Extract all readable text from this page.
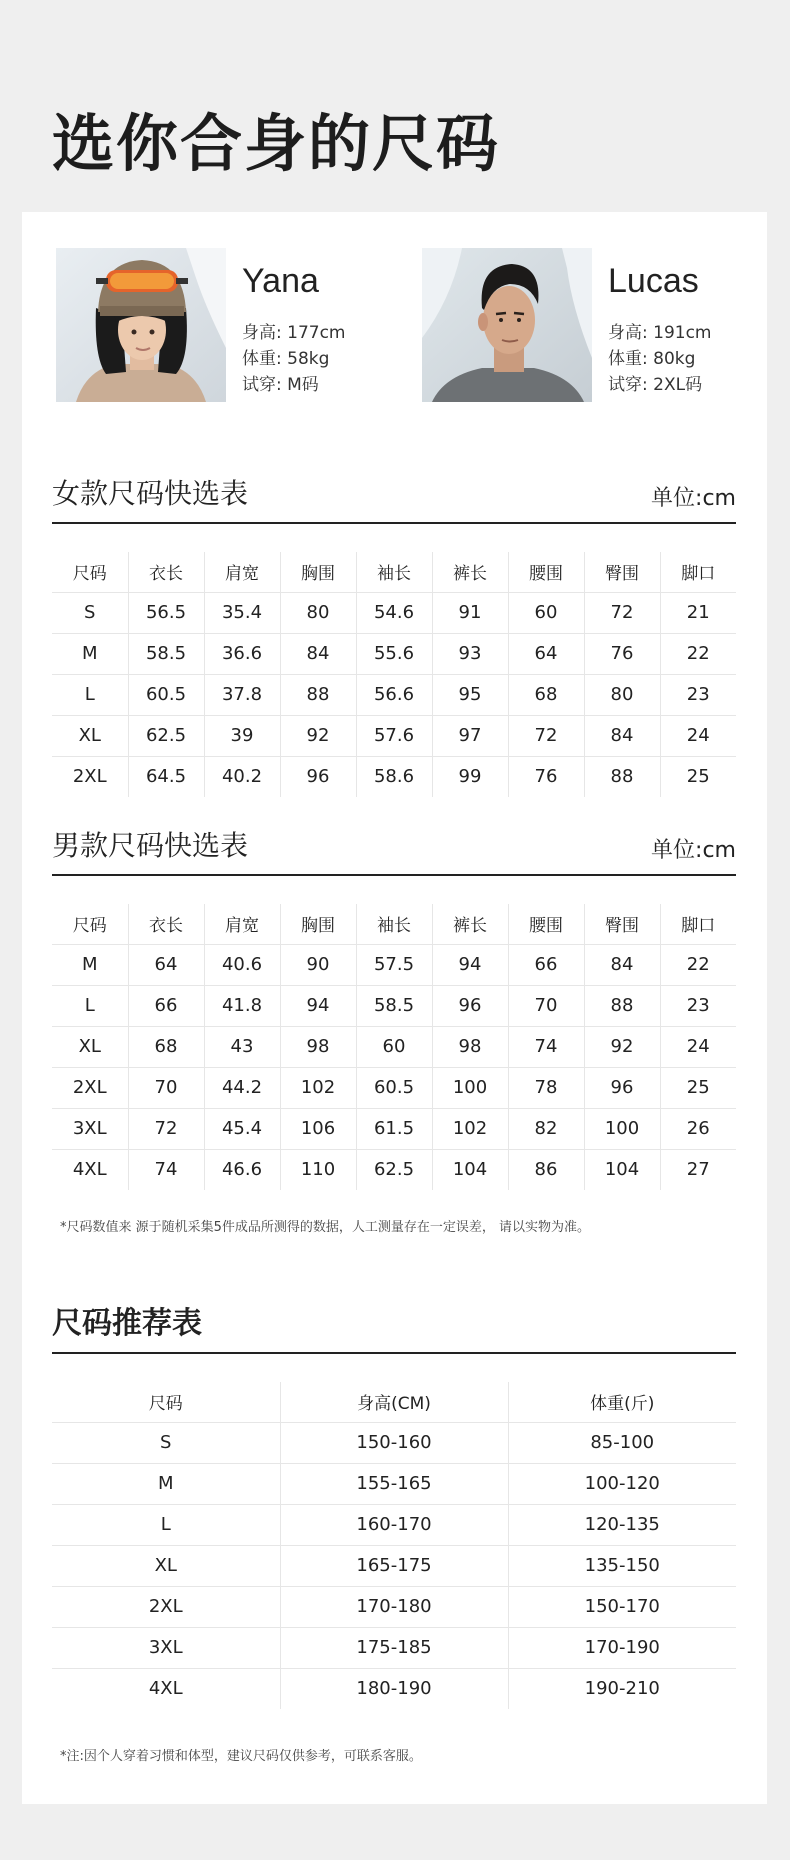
选你合身的尺码
Yana
身高: 177cm
体重: 58kg
试穿: M码
Lucas
身高: 191cm
体重: 80kg
试穿: 2XL码
女款尺码快选表	单位:cm
尺码	衣长	肩宽	胸围	袖长	裤长	腰围	臀围	脚口
S	56.5	35.4	80	54.6	91	60	72	21
M	58.5	36.6	84	55.6	93	64	76	22
L	60.5	37.8	88	56.6	95	68	80	23
XL	62.5	39	92	57.6	97	72	84	24
2XL	64.5	40.2	96	58.6	99	76	88	25
男款尺码快选表	单位:cm
尺码	衣长	肩宽	胸围	袖长	裤长	腰围	臀围	脚口
M	64	40.6	90	57.5	94	66	84	22
L	66	41.8	94	58.5	96	70	88	23
XL	68	43	98	60	98	74	92	24
2XL	70	44.2	102	60.5	100	78	96	25
3XL	72	45.4	106	61.5	102	82	100	26
4XL	74	46.6	110	62.5	104	86	104	27
*尺码数值来 源于随机采集5件成品所测得的数据，人工测量存在一定误差， 请以实物为准。
尺码推荐表
尺码	身高(CM)	体重(斤)
S	150-160	85-100
M	155-165	100-120
L	160-170	120-135
XL	165-175	135-150
2XL	170-180	150-170
3XL	175-185	170-190
4XL	180-190	190-210
*注:因个人穿着习惯和体型，建议尺码仅供参考，可联系客服。
